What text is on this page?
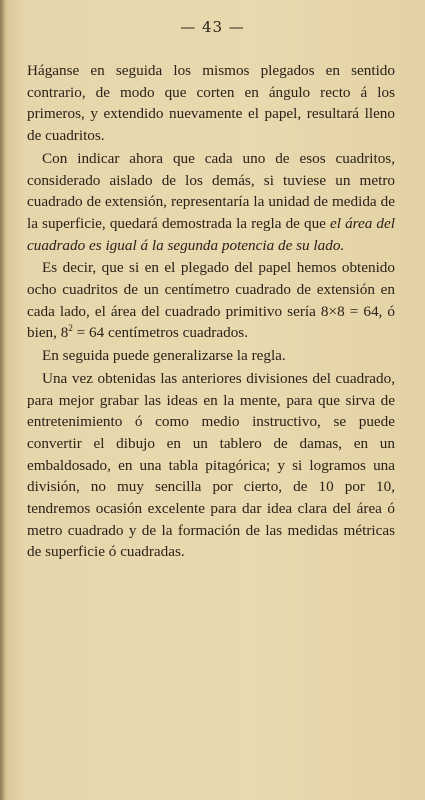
— 43 —

Háganse en seguida los mismos plegados en sentido contrario, de modo que corten en ángulo recto á los primeros, y extendido nuevamente el papel, resultará lleno de cuadritos.

Con indicar ahora que cada uno de esos cuadritos, considerado aislado de los demás, si tuviese un metro cuadrado de extensión, representaría la unidad de medida de la superficie, quedará demostrada la regla de que el área del cuadrado es igual á la segunda potencia de su lado.

Es decir, que si en el plegado del papel hemos obtenido ocho cuadritos de un centímetro cuadrado de extensión en cada lado, el área del cuadrado primitivo sería 8×8 = 64, ó bien, $8^2 = 64$ centímetros cuadrados.

En seguida puede generalizarse la regla.

Una vez obtenidas las anteriores divisiones del cuadrado, para mejor grabar las ideas en la mente, para que sirva de entretenimiento ó como medio instructivo, se puede convertir el dibujo en un tablero de damas, en un embaldosado, en una tabla pitagórica; y si logramos una división, no muy sencilla por cierto, de 10 por 10, tendremos ocasión excelente para dar idea clara del área ó metro cuadrado y de la formación de las medidas métricas de superficie ó cuadradas.
